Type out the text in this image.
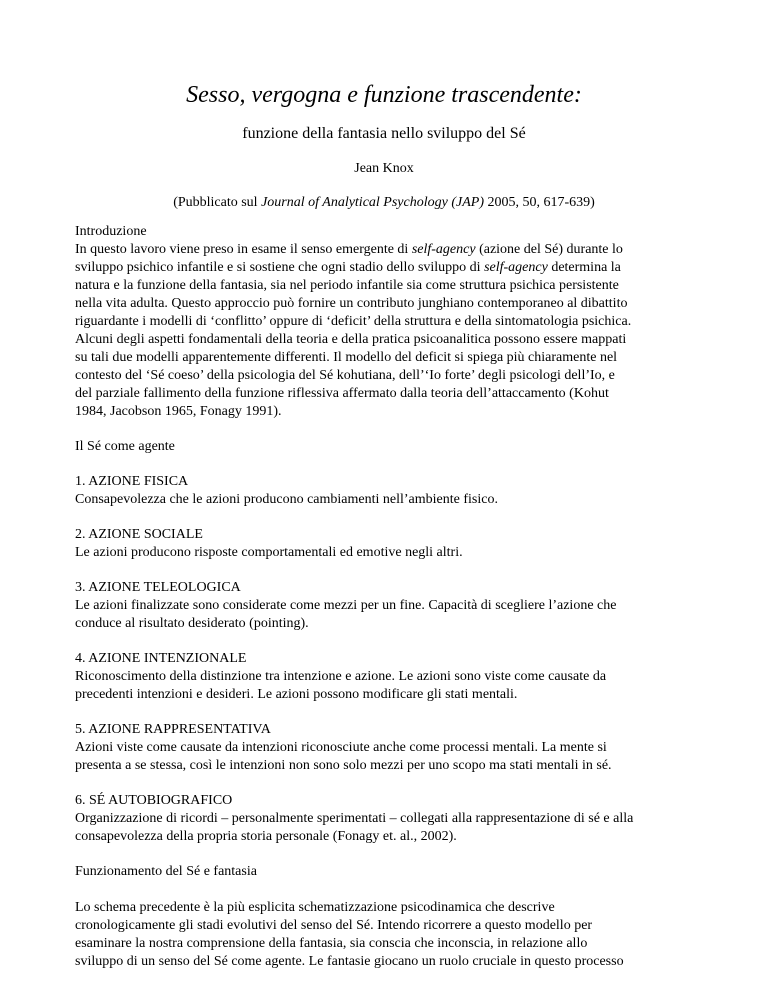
Sesso, vergogna e funzione trascendente:
funzione della fantasia nello sviluppo del Sé
Jean Knox
(Pubblicato sul Journal of Analytical Psychology (JAP) 2005, 50, 617-639)

Introduzione

In questo lavoro viene preso in esame il senso emergente di self-agency (azione del Sé) durante lo

sviluppo psichico infantile e si sostiene che ogni stadio dello sviluppo di self-agency determina la

natura e la funzione della fantasia, sia nel periodo infantile sia come struttura psichica persistente

nella vita adulta. Questo approccio può fornire un contributo junghiano contemporaneo al dibattito

riguardante i modelli di ‘conflitto’ oppure di ‘deficit’ della struttura e della sintomatologia psichica.

Alcuni degli aspetti fondamentali della teoria e della pratica psicoanalitica possono essere mappati

su tali due modelli apparentemente differenti. Il modello del deficit si spiega più chiaramente nel

contesto del ‘Sé coeso’ della psicologia del Sé kohutiana, dell’‘Io forte’ degli psicologi dell’Io, e

del parziale fallimento della funzione riflessiva affermato dalla teoria dell’attaccamento (Kohut

1984, Jacobson 1965, Fonagy 1991).

Il Sé come agente

1. AZIONE FISICA

Consapevolezza che le azioni producono cambiamenti nell’ambiente fisico.

2. AZIONE SOCIALE

Le azioni producono risposte comportamentali ed emotive negli altri.

3. AZIONE TELEOLOGICA

Le azioni finalizzate sono considerate come mezzi per un fine. Capacità di scegliere l’azione che

conduce al risultato desiderato (pointing).

4. AZIONE INTENZIONALE

Riconoscimento della distinzione tra intenzione e azione. Le azioni sono viste come causate da

precedenti intenzioni e desideri. Le azioni possono modificare gli stati mentali.

5. AZIONE RAPPRESENTATIVA

Azioni viste come causate da intenzioni riconosciute anche come processi mentali. La mente si

presenta a se stessa, così le intenzioni non sono solo mezzi per uno scopo ma stati mentali in sé.

6. SÉ AUTOBIOGRAFICO

Organizzazione di ricordi – personalmente sperimentati – collegati alla rappresentazione di sé e alla

consapevolezza della propria storia personale (Fonagy et. al., 2002).

Funzionamento del Sé e fantasia

Lo schema precedente è la più esplicita schematizzazione psicodinamica che descrive

cronologicamente gli stadi evolutivi del senso del Sé. Intendo ricorrere a questo modello per

esaminare la nostra comprensione della fantasia, sia conscia che inconscia, in relazione allo

sviluppo di un senso del Sé come agente. Le fantasie giocano un ruolo cruciale in questo processo
